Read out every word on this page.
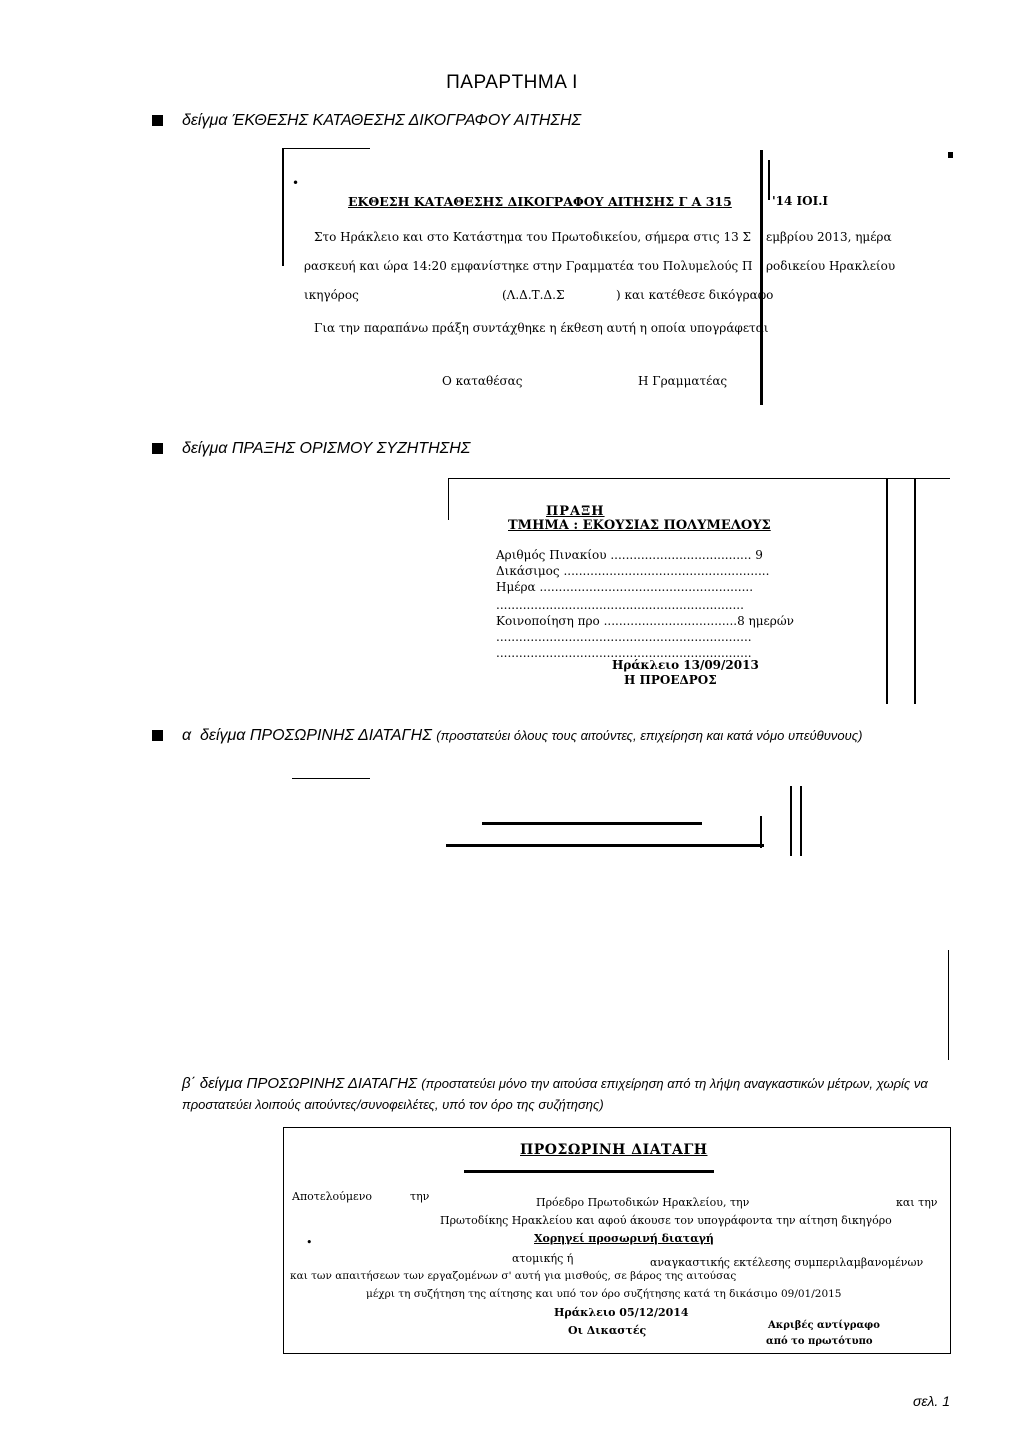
ΠΑΡΑΡΤΗΜΑ Ι
δείγμα ΈΚΘΕΣΗΣ ΚΑΤΑΘΕΣΗΣ ΔΙΚΟΓΡΑΦΟΥ ΑΙΤΗΣΗΣ
•
ΕΚΘΕΣΗ ΚΑΤΑΘΕΣΗΣ ΔΙΚΟΓΡΑΦΟΥ ΑΙΤΗΣΗΣ Γ Α 315	'14 ΙΟΙ.Ι
Στο Ηράκλειο και στο Κατάστημα του Πρωτοδικείου, σήμερα στις 13 Σ εμβρίου 2013, ημέρα
ρασκευή και ώρα 14:20 εμφανίστηκε στην Γραμματέα του Πολυμελούς Π ροδικείου Ηρακλείου
ικηγόρος	(Λ.Δ.Τ.Δ.Σ	) και κατέθεσε δικόγραφο
Για την παραπάνω πράξη συντάχθηκε η έκθεση αυτή η οποία υπογράφεται
Ο καταθέσας	Η Γραμματέας
δείγμα ΠΡΑΞΗΣ ΟΡΙΣΜΟΥ ΣΥΖΗΤΗΣΗΣ
ΠΡΑΞΗ
ΤΜΗΜΑ : ΕΚΟΥΣΙΑΣ ΠΟΛΥΜΕΛΟΥΣ
Αριθμός Πινακίου ..................................... 9
Δικάσιμος ......................................................
Ημέρα ........................................................
.................................................................
Κοινοποίηση προ ...................................8 ημερών
...................................................................
...................................................................
Ηράκλειο 13/09/2013
Η ΠΡΟΕΔΡΟΣ
α δείγμα ΠΡΟΣΩΡΙΝΗΣ ΔΙΑΤΑΓΗΣ (προστατεύει όλους τους αιτούντες, επιχείρηση και κατά νόμο υπεύθυνους)
β΄ δείγμα ΠΡΟΣΩΡΙΝΗΣ ΔΙΑΤΑΓΗΣ (προστατεύει μόνο την αιτούσα επιχείρηση από τη λήψη αναγκαστικών μέτρων, χωρίς να προστατεύει λοιπούς αιτούντες/συνοφειλέτες, υπό τον όρο της συζήτησης)
ΠΡΟΣΩΡΙΝΗ ΔΙΑΤΑΓΗ
Αποτελούμενο	την	Πρόεδρο Πρωτοδικών Ηρακλείου, την	και την
Πρωτοδίκης Ηρακλείου και αφού άκουσε τον υπογράφοντα την αίτηση δικηγόρο
•	Χορηγεί προσωρινή διαταγή
ατομικής ή	αναγκαστικής εκτέλεσης συμπεριλαμβανομένων
και των απαιτήσεων των εργαζομένων σ' αυτή για μισθούς, σε βάρος της αιτούσας
μέχρι τη συζήτηση της αίτησης και υπό τον όρο συζήτησης κατά τη δικάσιμο 09/01/2015
Ηράκλειο 05/12/2014
Οι Δικαστές	Ακριβές αντίγραφο
από το πρωτότυπο
σελ. 1
